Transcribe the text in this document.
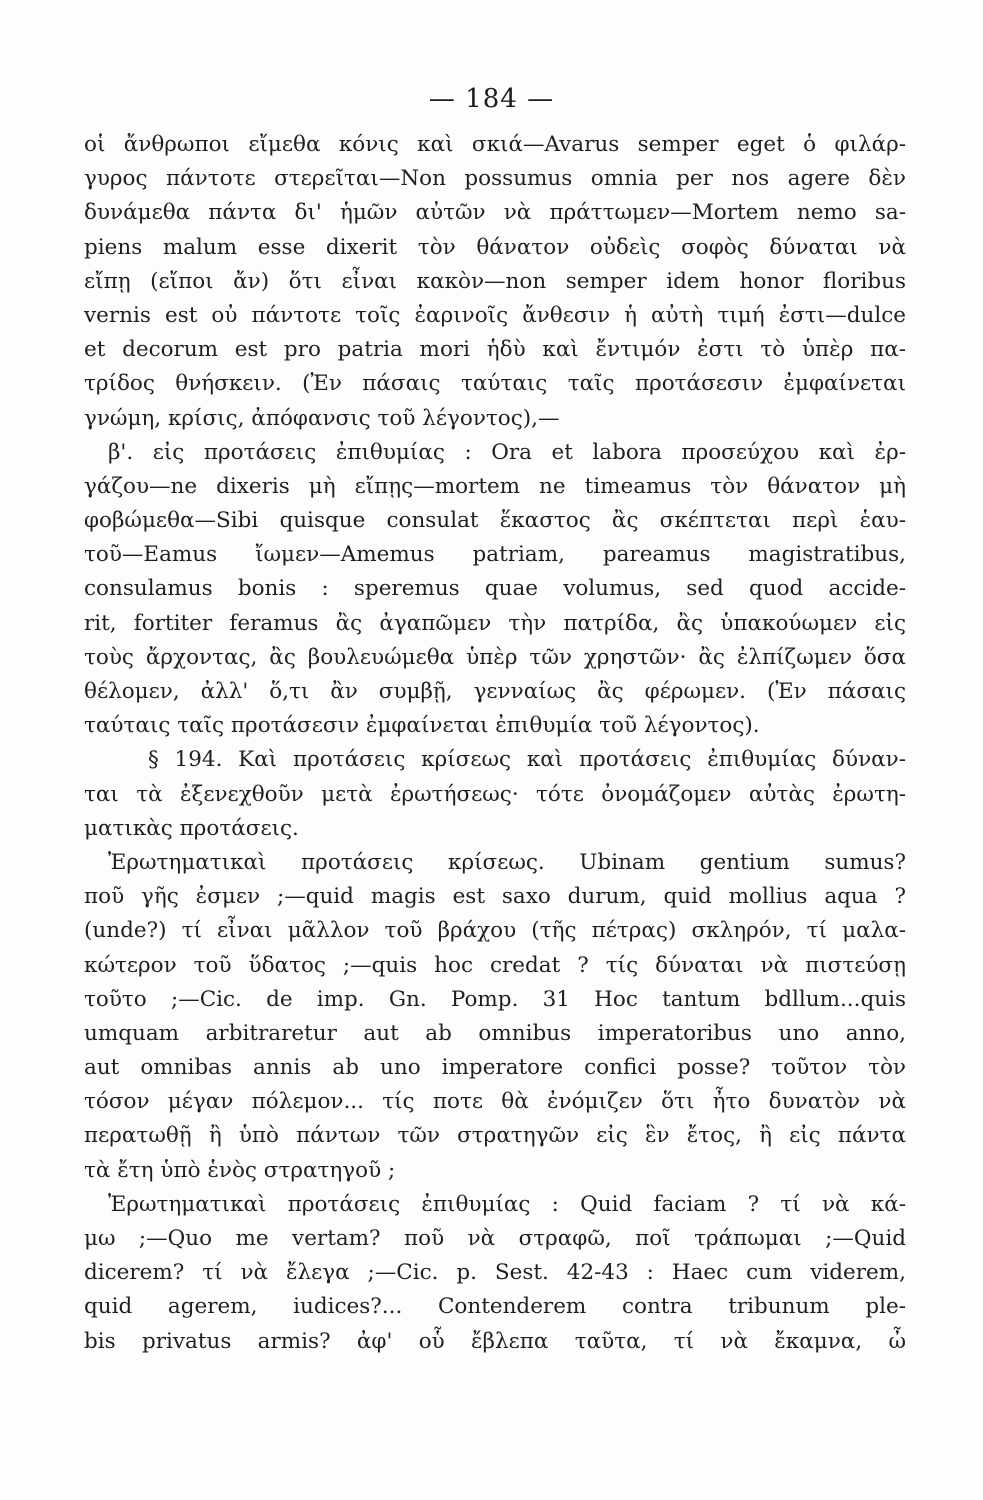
— 184 —
οἱ ἄνθρωποι εἴμεθα κόνις καὶ σκιά—Avarus semper eget ὁ φιλάρ-
γυρος πάντοτε στερεῖται—Non possumus omnia per nos agere δὲν
δυνάμεθα πάντα δι' ἡμῶν αὐτῶν νὰ πράττωμεν—Mortem nemo sa-
piens malum esse dixerit τὸν θάνατον οὐδεὶς σοφὸς δύναται νὰ
εἴπῃ (εἴποι ἄν) ὅτι εἶναι κακὸν—non semper idem honor floribus
vernis est οὐ πάντοτε τοῖς ἐαρινοῖς ἄνθεσιν ἡ αὐτὴ τιμή ἐστι—dulce
et decorum est pro patria mori ἡδὺ καὶ ἔντιμόν ἐστι τὸ ὑπὲρ πα-
τρίδος θνήσκειν. (Ἐν πάσαις ταύταις ταῖς προτάσεσιν ἐμφαίνεται
γνώμη, κρίσις, ἀπόφανσις τοῦ λέγοντος),—
β'. εἰς προτάσεις ἐπιθυμίας : Ora et labora προσεύχου καὶ ἐρ-
γάζου—ne dixeris μὴ εἴπῃς—mortem ne timeamus τὸν θάνατον μὴ
φοβώμεθα—Sibi quisque consulat ἕκαστος ἂς σκέπτεται περὶ ἑαυ-
τοῦ—Eamus ἴωμεν—Amemus patriam, pareamus magistratibus,
consulamus bonis : speremus quae volumus, sed quod accide-
rit, fortiter feramus ἂς ἀγαπῶμεν τὴν πατρίδα, ἂς ὑπακούωμεν εἰς
τοὺς ἄρχοντας, ἂς βουλευώμεθα ὑπὲρ τῶν χρηστῶν· ἂς ἐλπίζωμεν ὅσα
θέλομεν, ἀλλ' ὅ,τι ἂν συμβῇ, γενναίως ἂς φέρωμεν. (Ἐν πάσαις
ταύταις ταῖς προτάσεσιν ἐμφαίνεται ἐπιθυμία τοῦ λέγοντος).
§ 194. Καὶ προτάσεις κρίσεως καὶ προτάσεις ἐπιθυμίας δύναν-
ται τὰ ἐξενεχθοῦν μετὰ ἐρωτήσεως· τότε ὀνομάζομεν αὐτὰς ἐρωτη-
ματικὰς προτάσεις.
Ἐρωτηματικαὶ προτάσεις κρίσεως. Ubinam gentium sumus?
ποῦ γῆς ἐσμεν ;—quid magis est saxo durum, quid mollius aqua ?
(unde?) τί εἶναι μᾶλλον τοῦ βράχου (τῆς πέτρας) σκληρόν, τί μαλα-
κώτερον τοῦ ὕδατος ;—quis hoc credat ? τίς δύναται νὰ πιστεύσῃ
τοῦτο ;—Cic. de imp. Gn. Pomp. 31 Hoc tantum bdllum...quis
umquam arbitraretur aut ab omnibus imperatoribus uno anno,
aut omnibas annis ab uno imperatore confici posse? τοῦτον τὸν
τόσον μέγαν πόλεμον... τίς ποτε θὰ ἐνόμιζεν ὅτι ἦτο δυνατὸν νὰ
περατωθῇ ἢ ὑπὸ πάντων τῶν στρατηγῶν εἰς ἓν ἔτος, ἢ εἰς πάντα
τὰ ἔτη ὑπὸ ἑνὸς στρατηγοῦ ;
Ἐρωτηματικαὶ προτάσεις ἐπιθυμίας : Quid faciam ? τί νὰ κά-
μω ;—Quo me vertam? ποῦ νὰ στραφῶ, ποῖ τράπωμαι ;—Quid
dicerem? τί νὰ ἔλεγα ;—Cic. p. Sest. 42-43 : Haec cum viderem,
quid agerem, iudices?... Contenderem contra tribunum ple-
bis privatus armis? ἀφ' οὗ ἔβλεπα ταῦτα, τί νὰ ἔκαμνα, ὦ
